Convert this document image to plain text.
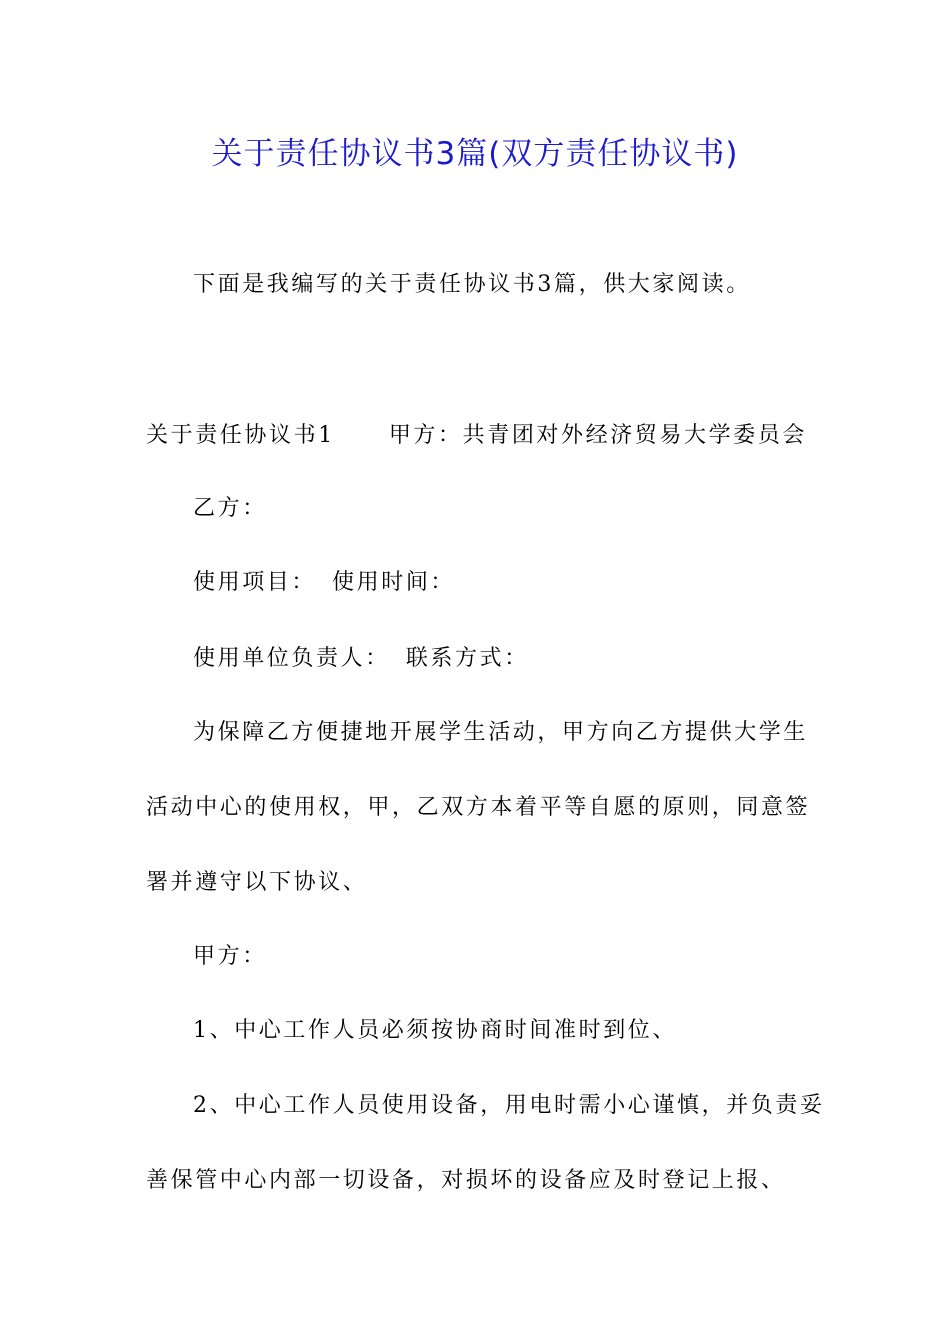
关于责任协议书3篇(双方责任协议书)
下面是我编写的关于责任协议书3篇，供大家阅读。
关于责任协议书1 甲方：共青团对外经济贸易大学委员会
乙方：
使用项目： 使用时间：
使用单位负责人： 联系方式：
为保障乙方便捷地开展学生活动，甲方向乙方提供大学生
活动中心的使用权，甲，乙双方本着平等自愿的原则，同意签
署并遵守以下协议、
甲方：
1、中心工作人员必须按协商时间准时到位、
2、中心工作人员使用设备，用电时需小心谨慎，并负责妥
善保管中心内部一切设备，对损坏的设备应及时登记上报、
